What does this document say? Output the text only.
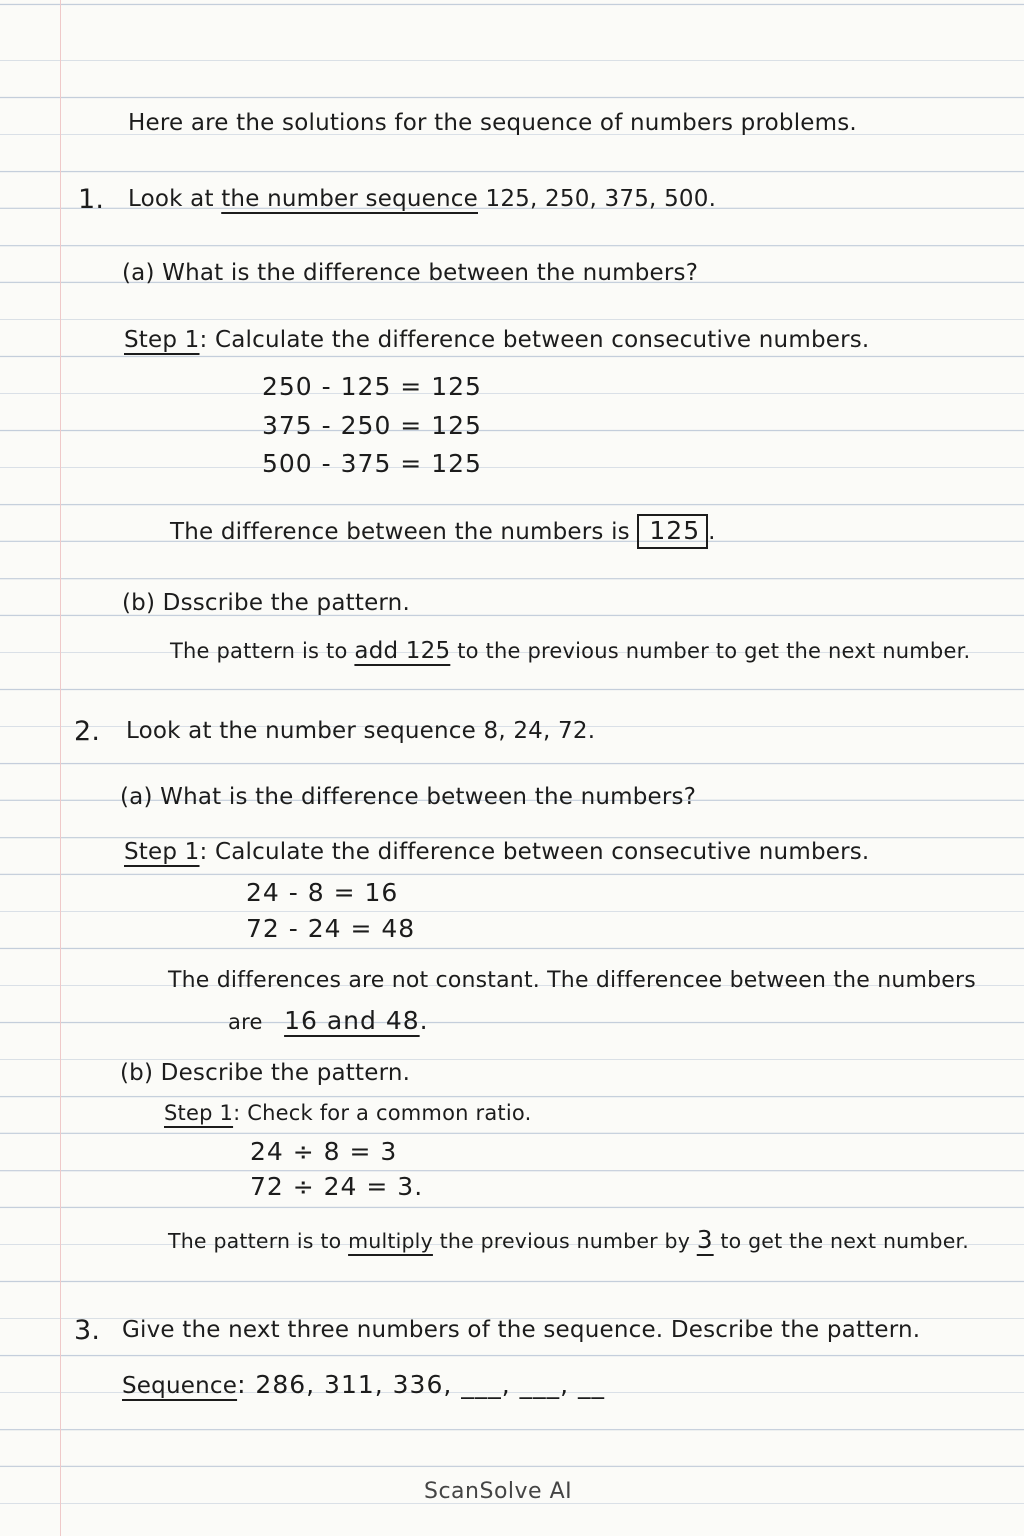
Here are the solutions for the sequence of numbers problems.
1. Look at the number sequence 125, 250, 375, 500.
(a) What is the difference between the numbers?
Step 1: Calculate the difference between consecutive numbers.
250 - 125 = 125
375 - 250 = 125
500 - 375 = 125
The difference between the numbers is 125 .
(b) Dsscribe the pattern.
The pattern is to add 125 to the previous number to get the next number.
2. Look at the number sequence 8, 24, 72.
(a) What is the difference between the numbers?
Step 1: Calculate the difference between consecutive numbers.
24 - 8 = 16
72 - 24 = 48
The differences are not constant. The differencee between the numbers
are 16 and 48.
(b) Describe the pattern.
Step 1: Check for a common ratio.
24 ÷ 8 = 3
72 ÷ 24 = 3.
The pattern is to multiply the previous number by 3 to get the next number.
3. Give the next three numbers of the sequence. Describe the pattern.
Sequence: 286, 311, 336, ___, ___, __
ScanSolve AI
